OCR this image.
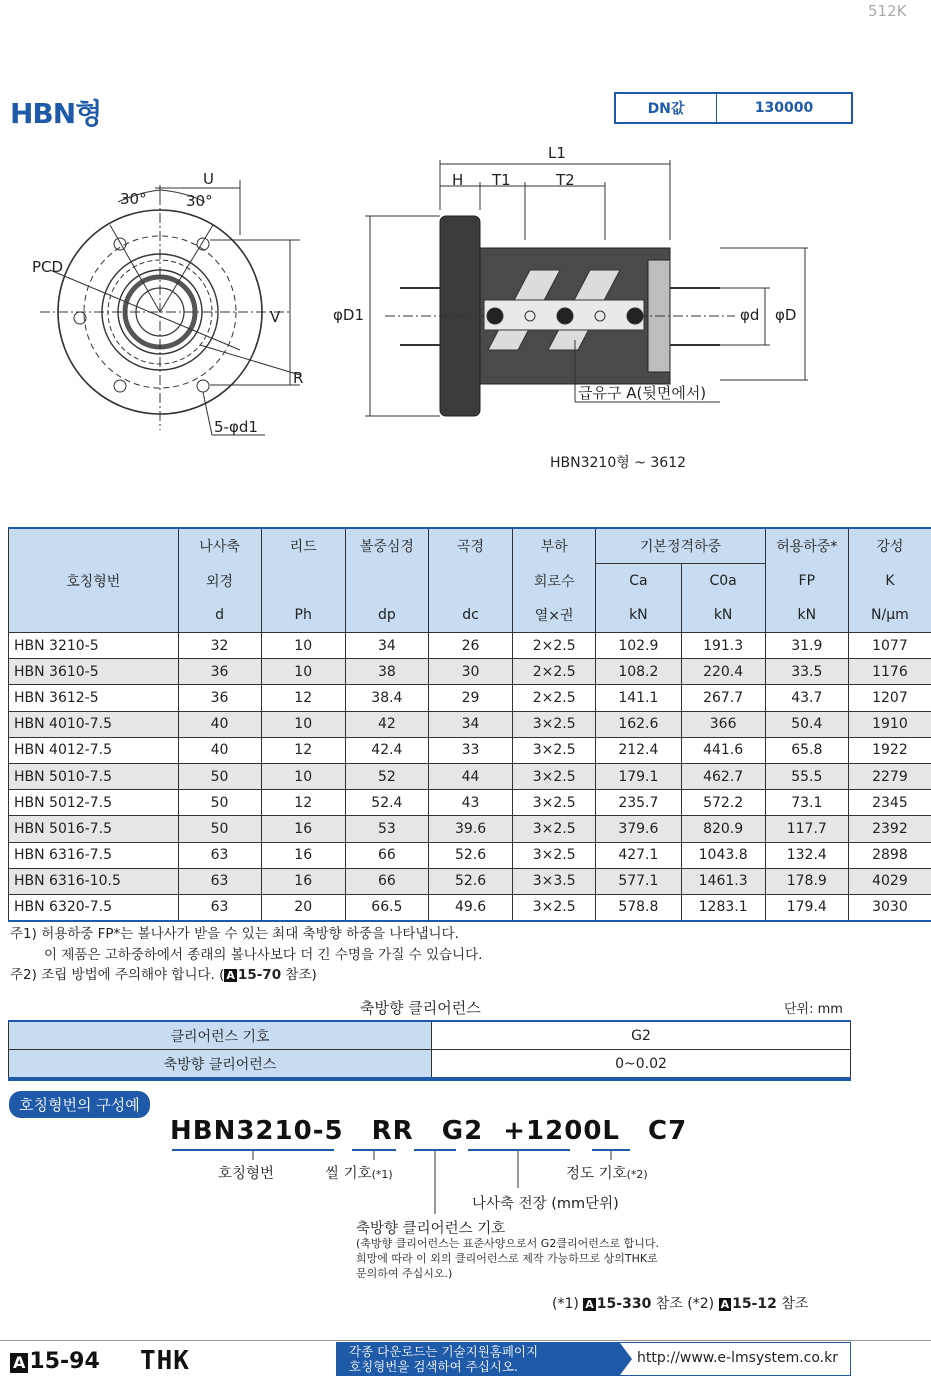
512K
HBN형	DN값	130000
U
30°	30°
PCD
V
R
5-φd1
L1
H T1	T2
φD1	φd φD
급유구 A(뒷면에서)
HBN3210형 ~ 3612
호칭형번	나사축	리드	볼중심경	곡경	부하	기본정격하중		허용하중*	강성
	외경				회로수	Ca	C0a	FP	K
	d	Ph	dp	dc	열×권	kN	kN	kN	N/μm
HBN 3210-5	32	10	34	26	2×2.5	102.9	191.3	31.9	1077
HBN 3610-5	36	10	38	30	2×2.5	108.2	220.4	33.5	1176
HBN 3612-5	36	12	38.4	29	2×2.5	141.1	267.7	43.7	1207
HBN 4010-7.5	40	10	42	34	3×2.5	162.6	366	50.4	1910
HBN 4012-7.5	40	12	42.4	33	3×2.5	212.4	441.6	65.8	1922
HBN 5010-7.5	50	10	52	44	3×2.5	179.1	462.7	55.5	2279
HBN 5012-7.5	50	12	52.4	43	3×2.5	235.7	572.2	73.1	2345
HBN 5016-7.5	50	16	53	39.6	3×2.5	379.6	820.9	117.7	2392
HBN 6316-7.5	63	16	66	52.6	3×2.5	427.1	1043.8	132.4	2898
HBN 6316-10.5	63	16	66	52.6	3×3.5	577.1	1461.3	178.9	4029
HBN 6320-7.5	63	20	66.5	49.6	3×2.5	578.8	1283.1	179.4	3030
주1) 허용하중 FP*는 볼나사가 받을 수 있는 최대 축방향 하중을 나타냅니다.
이 제품은 고하중하에서 종래의 볼나사보다 더 긴 수명을 가질 수 있습니다.
주2) 조립 방법에 주의해야 합니다. ( A 15-70 참조)
축방향 클리어런스	단위: mm
클리어런스 기호	G2
축방향 클리어런스	0~0.02
호칭형번의 구성예
HBN3210-5 RR G2 +1200L C7
호칭형번	씰 기호(*1)	정도 기호(*2)
나사축 전장 (mm단위)
축방향 클리어런스 기호
(축방향 클리어런스는 표준사양으로서 G2클리어런스로 합니다.
희망에 따라 이 외의 클리어런스로 제작 가능하므로 상의THK로
문의하여 주십시오.)
(*1) A 15-330 참조 (*2) A 15-12 참조
A 15-94 THK	각종 다운로드는 기술지원홈페이지
호칭형번을 검색하여 주십시오.
http://www.e-lmsystem.co.kr
